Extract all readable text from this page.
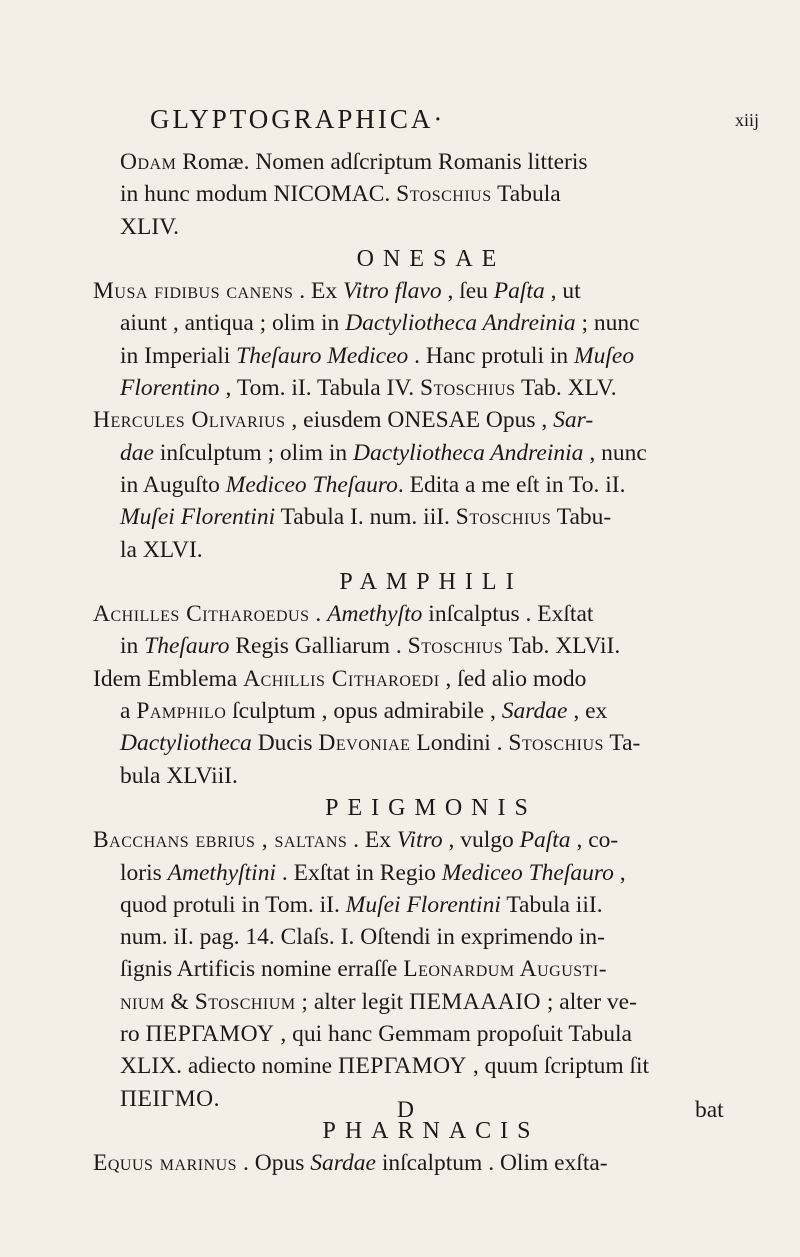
GLYPTOGRAPHICA·	xiij
Odam Romæ. Nomen adſcriptum Romanis litteris
in hunc modum NICOMAC. Stoschius Tabula
XLIV.
ONESAE
Musa fidibus canens . Ex Vitro flavo , ſeu Paſta , ut
aiunt , antiqua ; olim in Dactyliotheca Andreinia ; nunc
in Imperiali Theſauro Mediceo . Hanc protuli in Muſeo
Florentino , Tom. iI. Tabula IV. Stoschius Tab. XLV.
Hercules Olivarius , eiusdem ONESAE Opus , Sar-
dae inſculptum ; olim in Dactyliotheca Andreinia , nunc
in Auguſto Mediceo Theſauro. Edita a me eſt in To. iI.
Muſei Florentini Tabula I. num. iiI. Stoschius Tabu-
la XLVI.
PAMPHILI
Achilles Citharoedus . Amethyſto inſcalptus . Exſtat
in Theſauro Regis Galliarum . Stoschius Tab. XLViI.
Idem Emblema Achillis Citharoedi , ſed alio modo
a Pamphilo ſculptum , opus admirabile , Sardae , ex
Dactyliotheca Ducis Devoniae Londini . Stoschius Ta-
bula XLViiI.
PEIGMONIS
Bacchans ebrius , saltans . Ex Vitro , vulgo Paſta , co-
loris Amethyſtini . Exſtat in Regio Mediceo Theſauro ,
quod protuli in Tom. iI. Muſei Florentini Tabula iiI.
num. iI. pag. 14. Claſs. I. Oſtendi in exprimendo in-
ſignis Artificis nomine erraſſe Leonardum Augusti-
nium & Stoschium ; alter legit ΠΕΜΑΑΑΙΟ ; alter ve-
ro ΠΕΡΓΑΜΟΥ , qui hanc Gemmam propoſuit Tabula
XLIX. adiecto nomine ΠΕΡΓΑΜΟΥ , quum ſcriptum ſit
ΠΕΙΓΜΟ.
PHARNACIS
Equus marinus . Opus Sardae inſcalptum . Olim exſta-
D	bat
